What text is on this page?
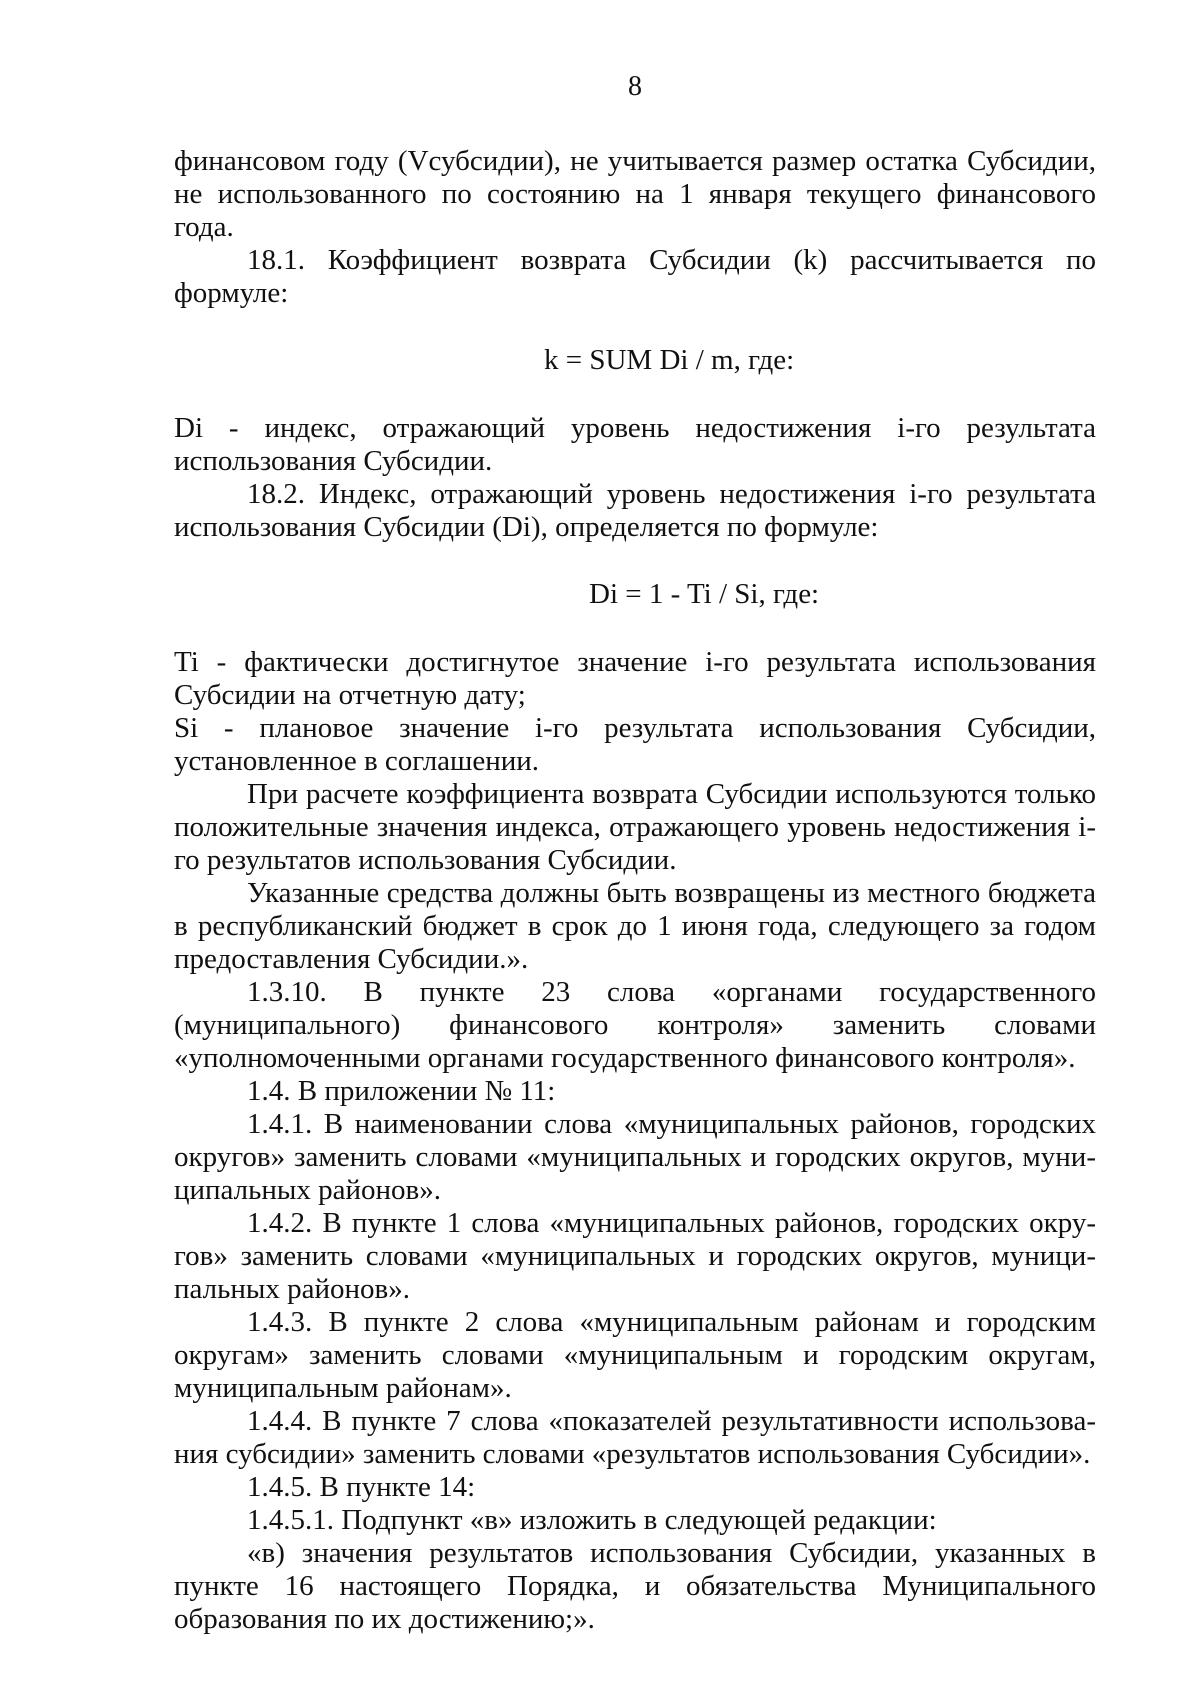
8

финансовом году (Vсубсидии), не учитывается размер остатка Субсидии, не использованного по состоянию на 1 января текущего финансового года.

18.1. Коэффициент возврата Субсидии (k) рассчитывается по формуле:

k = SUM Di / m, где:

Di - индекс, отражающий уровень недостижения i-го результата использования Субсидии.

18.2. Индекс, отражающий уровень недостижения i-го результата использования Субсидии (Di), определяется по формуле:

Di = 1 - Ti / Si, где:

Ti - фактически достигнутое значение i-го результата использования Субсидии на отчетную дату;

Si - плановое значение i-го результата использования Субсидии, установленное в соглашении.

При расчете коэффициента возврата Субсидии используются только положительные значения индекса, отражающего уровень недостижения i-го результатов использования Субсидии.

Указанные средства должны быть возвращены из местного бюджета в республиканский бюджет в срок до 1 июня года, следующего за годом предоставления Субсидии.».

1.3.10. В пункте 23 слова «органами государственного (муниципального) финансового контроля» заменить словами «уполномоченными органами государственного финансового контроля».

1.4. В приложении № 11:

1.4.1. В наименовании слова «муниципальных районов, городских округов» заменить словами «муниципальных и городских округов, муниципальных районов».

1.4.2. В пункте 1 слова «муниципальных районов, городских округов» заменить словами «муниципальных и городских округов, муниципальных районов».

1.4.3. В пункте 2 слова «муниципальным районам и городским округам» заменить словами «муниципальным и городским округам, муниципальным районам».

1.4.4. В пункте 7 слова «показателей результативности использования субсидии» заменить словами «результатов использования Субсидии».

1.4.5. В пункте 14:

1.4.5.1. Подпункт «в» изложить в следующей редакции:

«в) значения результатов использования Субсидии, указанных в пункте 16 настоящего Порядка, и обязательства Муниципального образования по их достижению;».
